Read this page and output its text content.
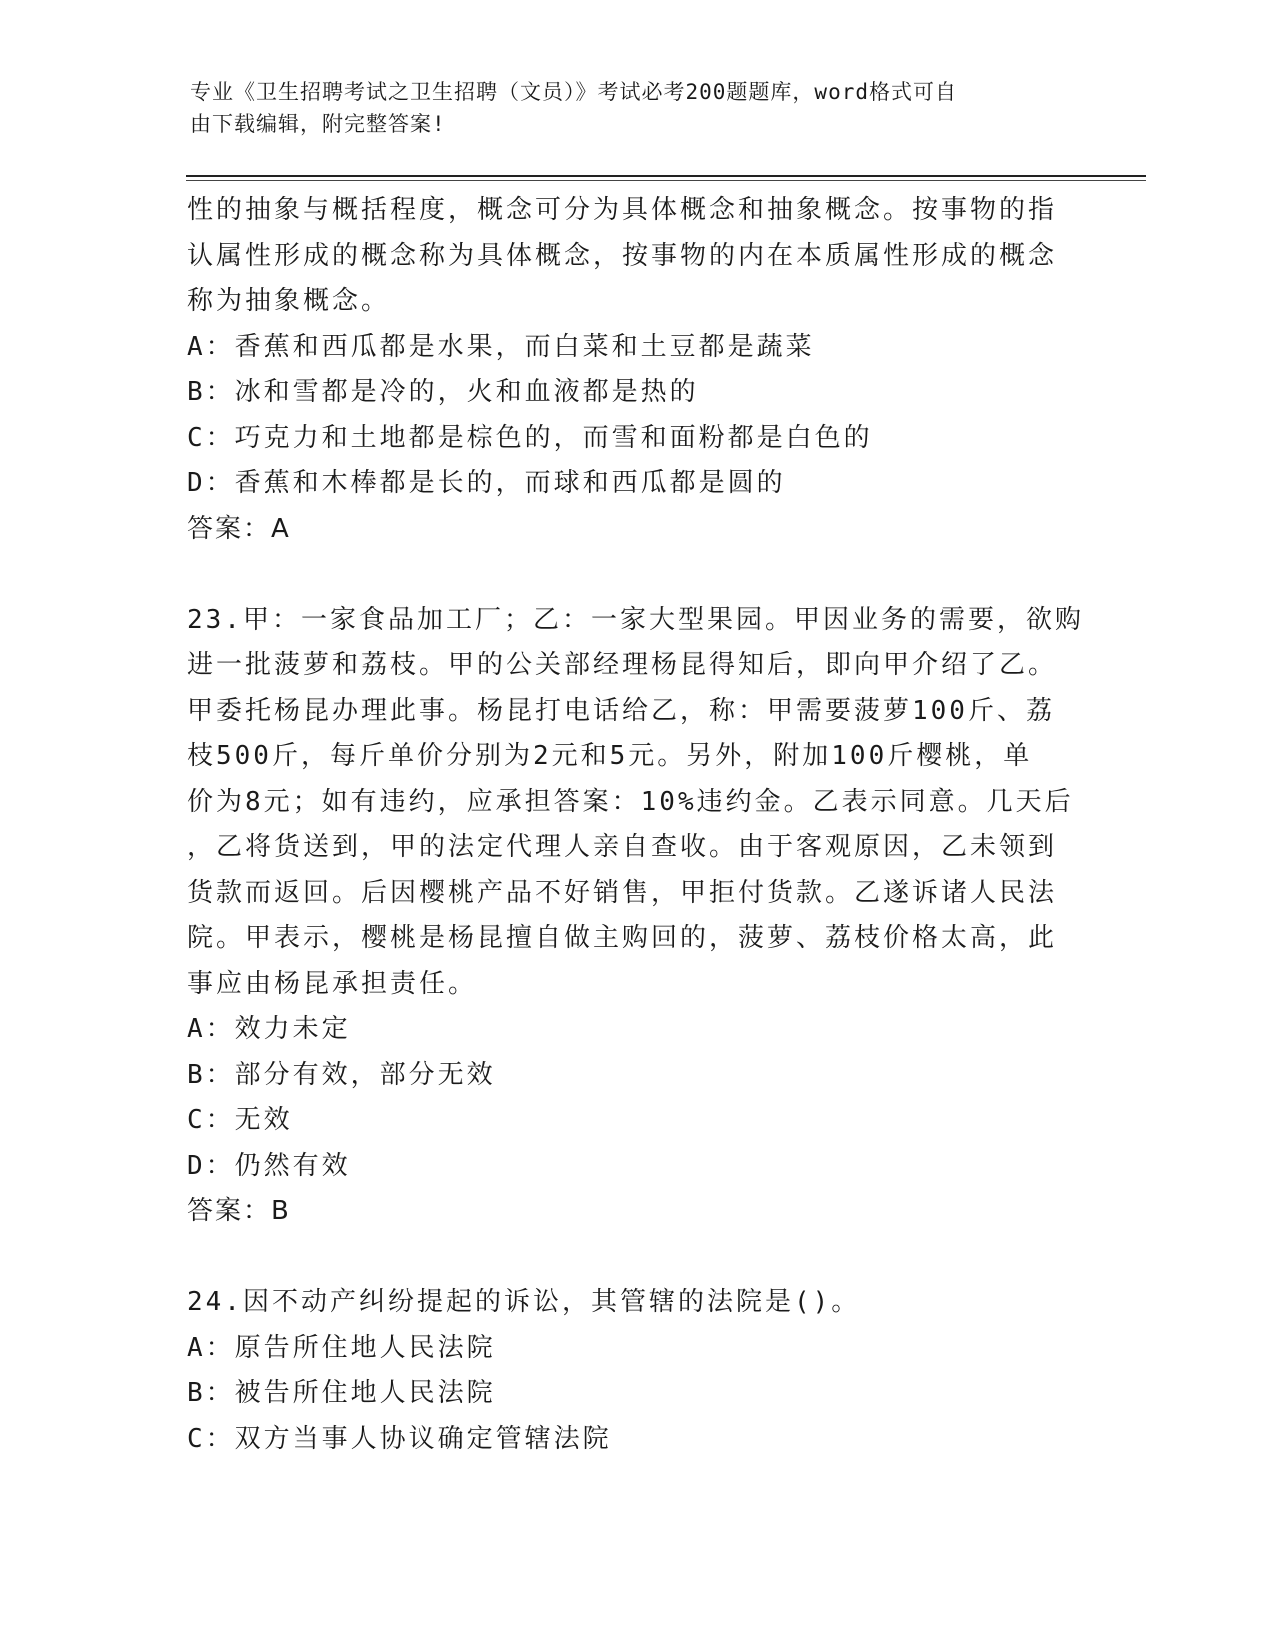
专业《卫生招聘考试之卫生招聘（文员）》考试必考200题题库，word格式可自
由下载编辑，附完整答案!
性的抽象与概括程度，概念可分为具体概念和抽象概念。按事物的指
认属性形成的概念称为具体概念，按事物的内在本质属性形成的概念
称为抽象概念。
A：香蕉和西瓜都是水果，而白菜和土豆都是蔬菜
B：冰和雪都是冷的，火和血液都是热的
C：巧克力和土地都是棕色的，而雪和面粉都是白色的
D：香蕉和木棒都是长的，而球和西瓜都是圆的
答案：A
23.甲：一家食品加工厂；乙：一家大型果园。甲因业务的需要，欲购
进一批菠萝和荔枝。甲的公关部经理杨昆得知后，即向甲介绍了乙。
甲委托杨昆办理此事。杨昆打电话给乙，称：甲需要菠萝100斤、荔
枝500斤，每斤单价分别为2元和5元。另外，附加100斤樱桃，单
价为8元；如有违约，应承担答案：10%违约金。乙表示同意。几天后
，乙将货送到，甲的法定代理人亲自查收。由于客观原因，乙未领到
货款而返回。后因樱桃产品不好销售，甲拒付货款。乙遂诉诸人民法
院。甲表示，樱桃是杨昆擅自做主购回的，菠萝、荔枝价格太高，此
事应由杨昆承担责任。
A：效力未定
B：部分有效，部分无效
C：无效
D：仍然有效
答案：B
24.因不动产纠纷提起的诉讼，其管辖的法院是()。
A：原告所住地人民法院
B：被告所住地人民法院
C：双方当事人协议确定管辖法院
